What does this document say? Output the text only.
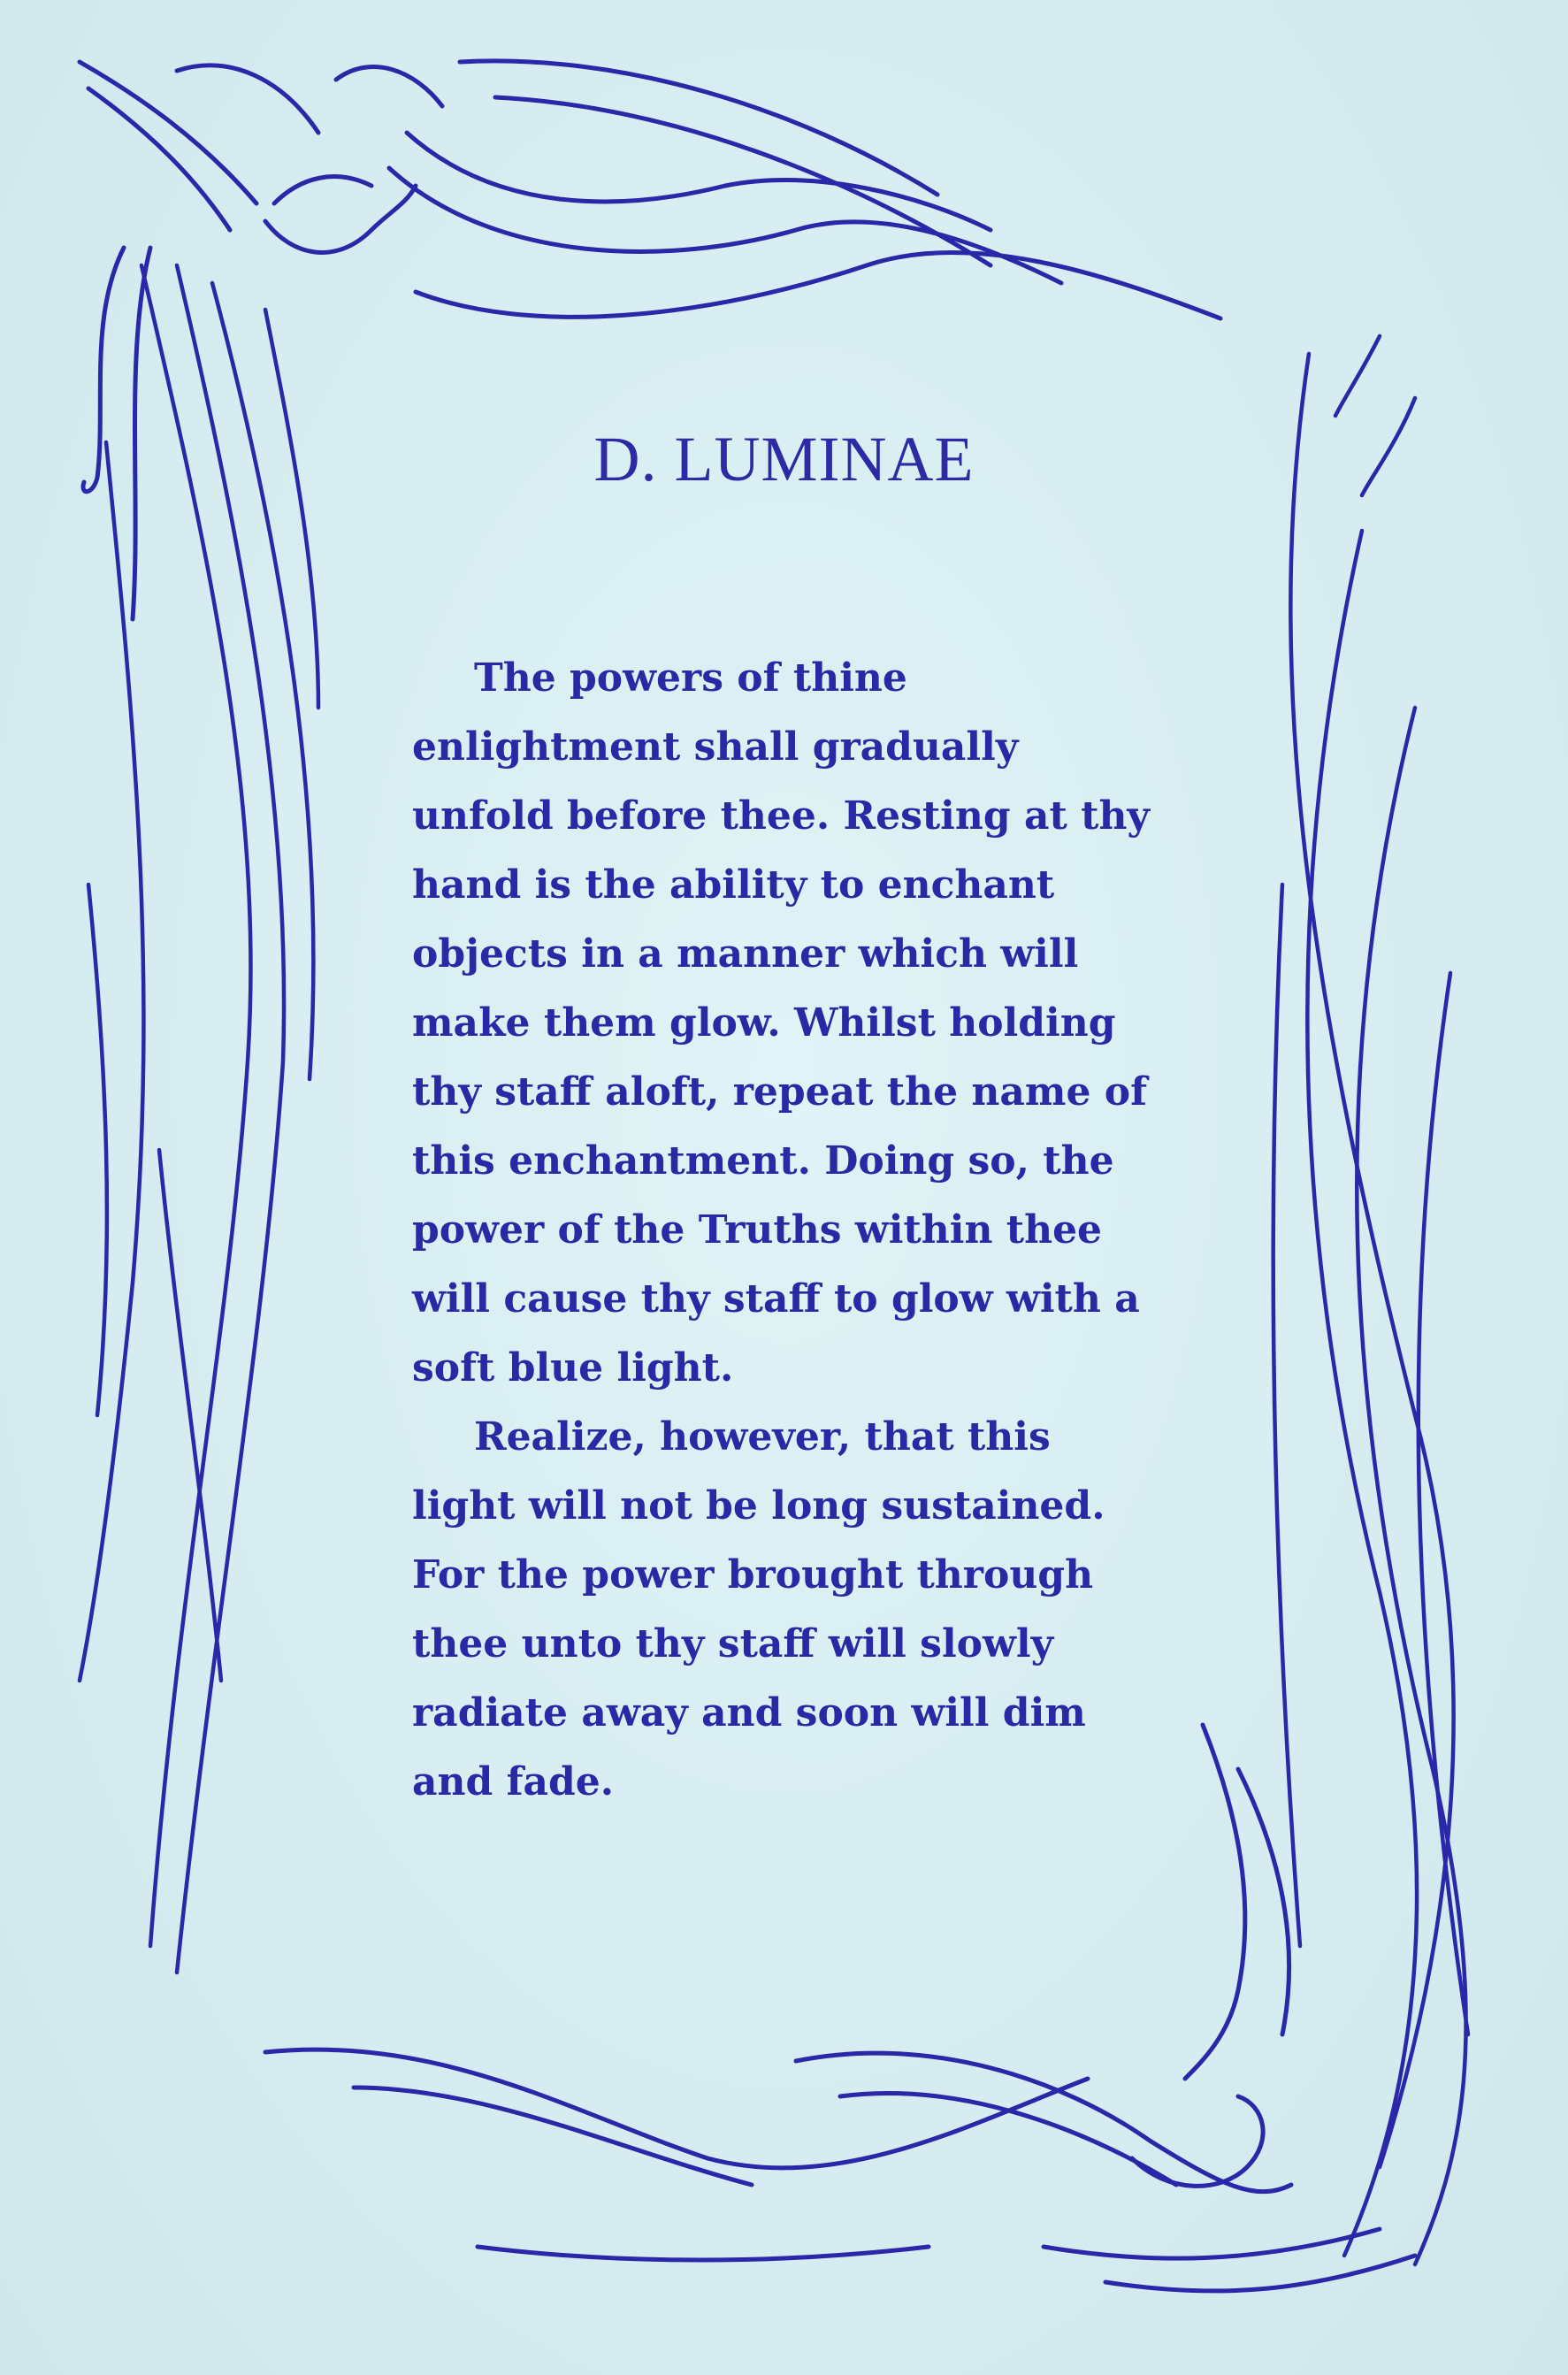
D. LUMINAE
The powers of thine
enlightment shall gradually
unfold before thee. Resting at thy
hand is the ability to enchant
objects in a manner which will
make them glow. Whilst holding
thy staff aloft, repeat the name of
this enchantment. Doing so, the
power of the Truths within thee
will cause thy staff to glow with a
soft blue light.
Realize, however, that this
light will not be long sustained.
For the power brought through
thee unto thy staff will slowly
radiate away and soon will dim
and fade.
